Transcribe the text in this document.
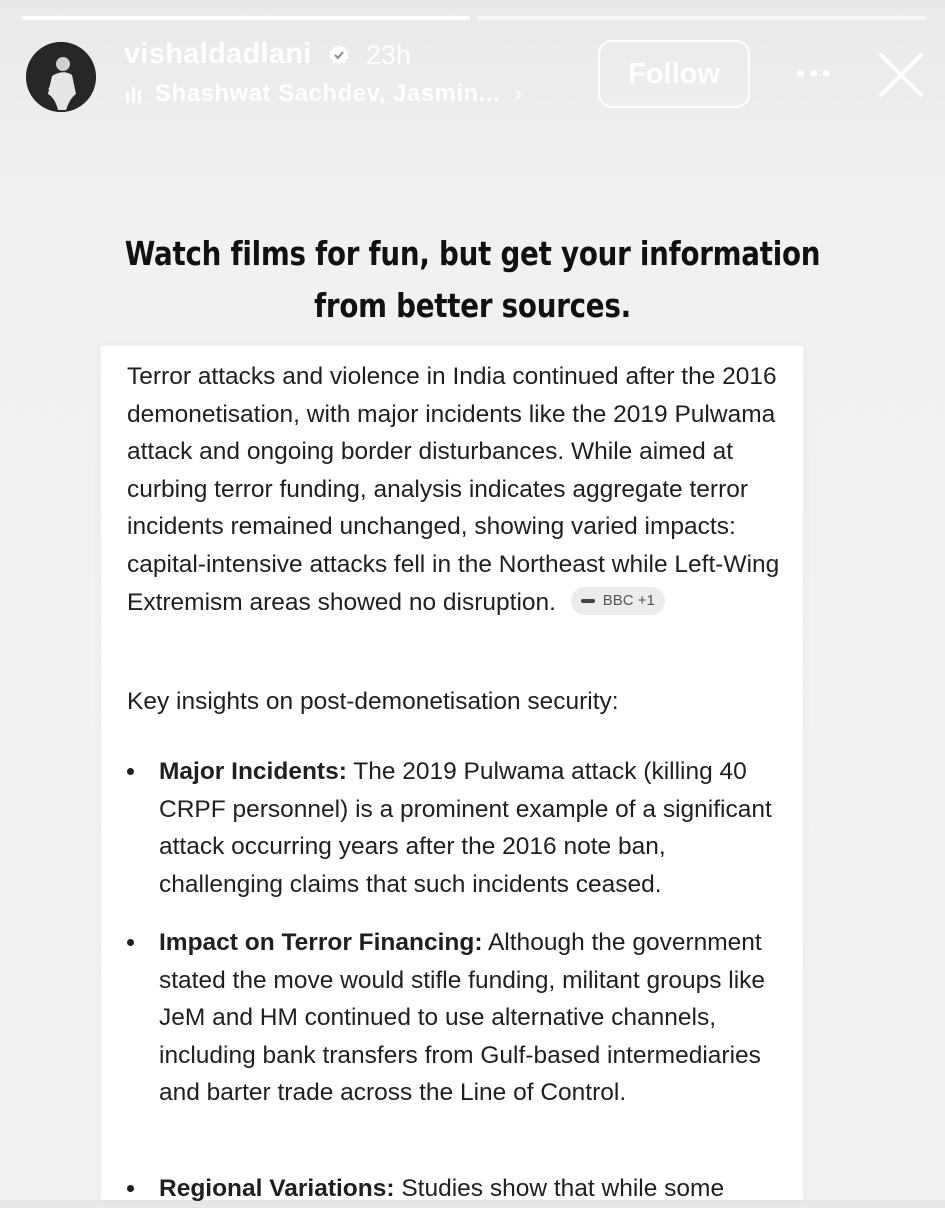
vishaldadlani 23h
Shashwat Sachdev, Jasmin... ›
Follow
Watch films for fun, but get your information
from better sources.
Terror attacks and violence in India continued after the 2016 demonetisation, with major incidents like the 2019 Pulwama attack and ongoing border disturbances. While aimed at curbing terror funding, analysis indicates aggregate terror incidents remained unchanged, showing varied impacts: capital-intensive attacks fell in the Northeast while Left-Wing Extremism areas showed no disruption.	BBC +1
Key insights on post-demonetisation security:
Major Incidents: The 2019 Pulwama attack (killing 40 CRPF personnel) is a prominent example of a significant attack occurring years after the 2016 note ban, challenging claims that such incidents ceased.
Impact on Terror Financing: Although the government stated the move would stifle funding, militant groups like JeM and HM continued to use alternative channels, including bank transfers from Gulf-based intermediaries and barter trade across the Line of Control.
Regional Variations: Studies show that while some
